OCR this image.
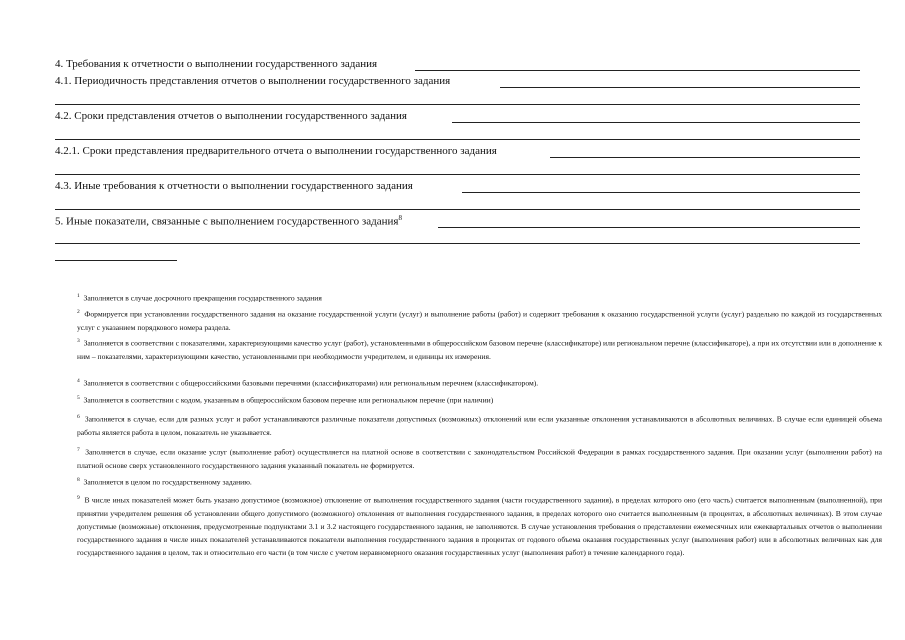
4. Требования к отчетности о выполнении государственного задания
4.1. Периодичность представления отчетов о выполнении государственного задания
4.2. Сроки представления отчетов о выполнении государственного задания
4.2.1. Сроки представления предварительного отчета о выполнении государственного задания
4.3. Иные требования к отчетности о выполнении государственного задания
5. Иные показатели, связанные с выполнением государственного задания$^8$
$^1$ Заполняется в случае досрочного прекращения государственного задания
$^2$ Формируется при установлении государственного задания на оказание государственной услуги (услуг) и выполнение работы (работ) и содержит требования к оказанию государственной услуги (услуг) раздельно по каждой из государственных услуг с указанием порядкового номера раздела.
$^3$ Заполняется в соответствии с показателями, характеризующими качество услуг (работ), установленными в общероссийском базовом перечне (классификаторе) или региональном перечне (классификаторе), а при их отсутствии или в дополнение к ним – показателями, характеризующими качество, установленными при необходимости учредителем, и единицы их измерения.
$^4$ Заполняется в соответствии с общероссийскими базовыми перечнями (классификаторами) или региональным перечнем (классификатором).
$^5$ Заполняется в соответствии с кодом, указанным в общероссийском базовом перечне или региональном перечне (при наличии)
$^6$ Заполняется в случае, если для разных услуг и работ устанавливаются различные показатели допустимых (возможных) отклонений или если указанные отклонения устанавливаются в абсолютных величинах. В случае если единицей объема работы является работа в целом, показатель не указывается.
$^7$ Заполняется в случае, если оказание услуг (выполнение работ) осуществляется на платной основе в соответствии с законодательством Российской Федерации в рамках государственного задания. При оказании услуг (выполнении работ) на платной основе сверх установленного государственного задания указанный показатель не формируется.
$^8$ Заполняется в целом по государственному заданию.
$^9$ В числе иных показателей может быть указано допустимое (возможное) отклонение от выполнения государственного задания (части государственного задания), в пределах которого оно (его часть) считается выполненным (выполненной), при принятии учредителем решения об установлении общего допустимого (возможного) отклонения от выполнения государственного задания, в пределах которого оно считается выполненным (в процентах, в абсолютных величинах). В этом случае допустимые (возможные) отклонения, предусмотренные подпунктами 3.1 и 3.2 настоящего государственного задания, не заполняются. В случае установления требования о представлении ежемесячных или ежеквартальных отчетов о выполнении государственного задания в числе иных показателей устанавливаются показатели выполнения государственного задания в процентах от годового объема оказания государственных услуг (выполнения работ) или в абсолютных величинах как для государственного задания в целом, так и относительно его части (в том числе с учетом неравномерного оказания государственных услуг (выполнения работ) в течение календарного года).
